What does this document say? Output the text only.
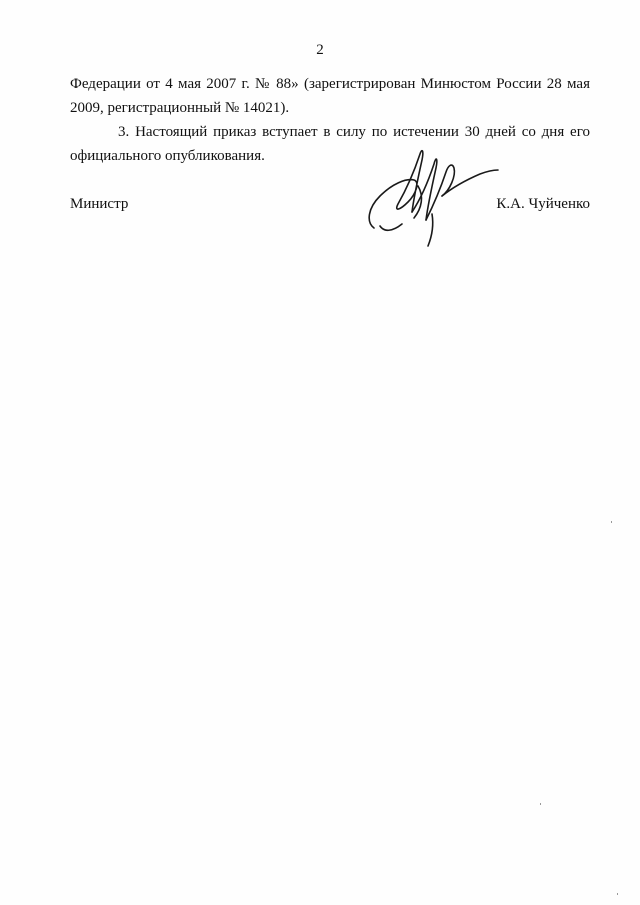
2

Федерации от 4 мая 2007 г. № 88» (зарегистрирован Минюстом России 28 мая 2009, регистрационный № 14021).

3. Настоящий приказ вступает в силу по истечении 30 дней со дня его официального опубликования.

Министр	К.А. Чуйченко
